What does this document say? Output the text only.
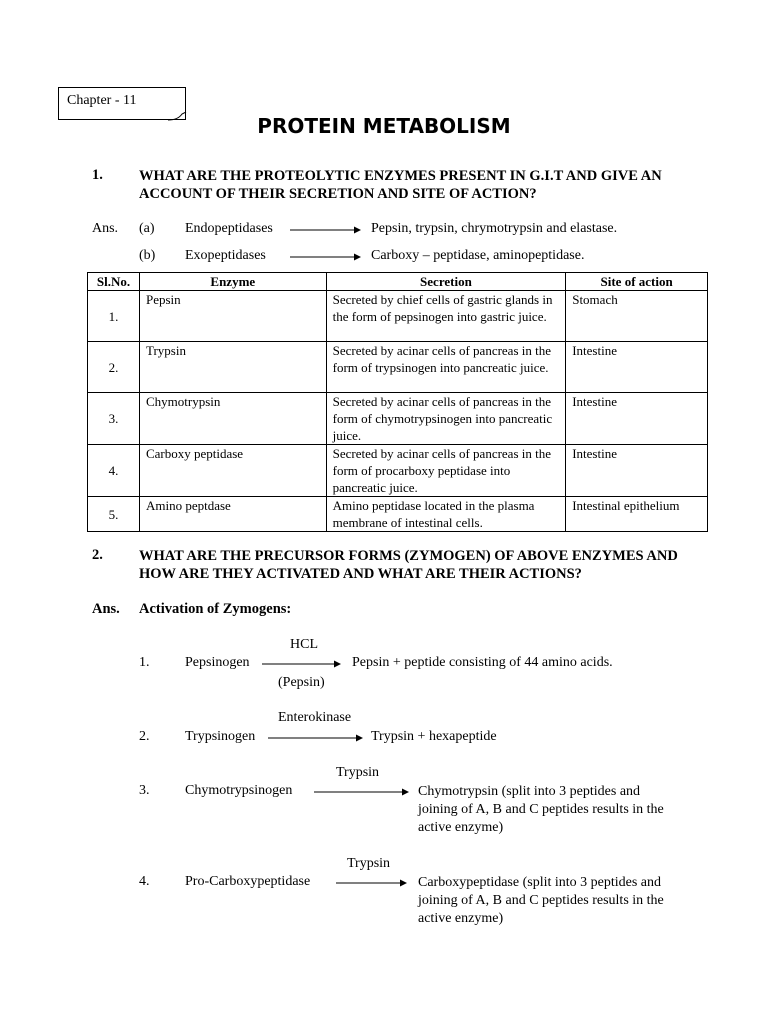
Chapter - 11
PROTEIN METABOLISM
1. WHAT ARE THE PROTEOLYTIC ENZYMES PRESENT IN G.I.T AND GIVE AN ACCOUNT OF THEIR SECRETION AND SITE OF ACTION?
Ans. (a) Endopeptidases	Pepsin, trypsin, chrymotrypsin and elastase.
(b) Exopeptidases	Carboxy – peptidase, aminopeptidase.
Sl.No.	Enzyme	Secretion	Site of action
1.	Pepsin	Secreted by chief cells of gastric glands in the form of pepsinogen into gastric juice.	Stomach
2.	Trypsin	Secreted by acinar cells of pancreas in the form of trypsinogen into pancreatic juice.	Intestine
3.	Chymotrypsin	Secreted by acinar cells of pancreas in the form of chymotrypsinogen into pancreatic juice.	Intestine
4.	Carboxy peptidase	Secreted by acinar cells of pancreas in the form of procarboxy peptidase into pancreatic juice.	Intestine
5.	Amino peptdase	Amino peptidase located in the plasma membrane of intestinal cells.	Intestinal epithelium
2. WHAT ARE THE PRECURSOR FORMS (ZYMOGEN) OF ABOVE ENZYMES AND HOW ARE THEY ACTIVATED AND WHAT ARE THEIR ACTIONS?
Ans. Activation of Zymogens:
HCL
1.	Pepsinogen	Pepsin + peptide consisting of 44 amino acids.
(Pepsin)
Enterokinase
2.	Trypsinogen	Trypsin + hexapeptide
Trypsin
3.	Chymotrypsinogen	Chymotrypsin (split into 3 peptides and joining of A, B and C peptides results in the active enzyme)
Trypsin
4.	Pro-Carboxypeptidase	Carboxypeptidase (split into 3 peptides and joining of A, B and C peptides results in the active enzyme)
